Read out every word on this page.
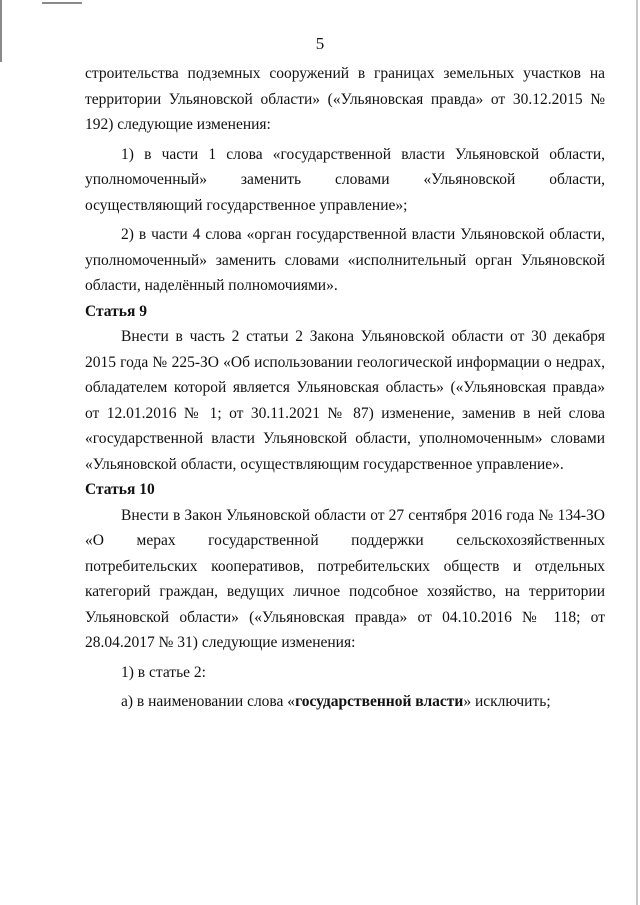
5

строительства подземных сооружений в границах земельных участков на территории Ульяновской области» («Ульяновская правда» от 30.12.2015 № 192) следующие изменения:

1) в части 1 слова «государственной власти Ульяновской области, уполномоченный» заменить словами «Ульяновской области, осуществляющий государственное управление»;

2) в части 4 слова «орган государственной власти Ульяновской области, уполномоченный» заменить словами «исполнительный орган Ульяновской области, наделённый полномочиями».

Статья 9

Внести в часть 2 статьи 2 Закона Ульяновской области от 30 декабря 2015 года № 225-ЗО «Об использовании геологической информации о недрах, обладателем которой является Ульяновская область» («Ульяновская правда» от 12.01.2016 № 1; от 30.11.2021 № 87) изменение, заменив в ней слова «государственной власти Ульяновской области, уполномоченным» словами «Ульяновской области, осуществляющим государственное управление».

Статья 10

Внести в Закон Ульяновской области от 27 сентября 2016 года № 134-ЗО «О мерах государственной поддержки сельскохозяйственных потребительских кооперативов, потребительских обществ и отдельных категорий граждан, ведущих личное подсобное хозяйство, на территории Ульяновской области» («Ульяновская правда» от 04.10.2016 № 118; от 28.04.2017 № 31) следующие изменения:

1) в статье 2:

а) в наименовании слова «государственной власти» исключить;
